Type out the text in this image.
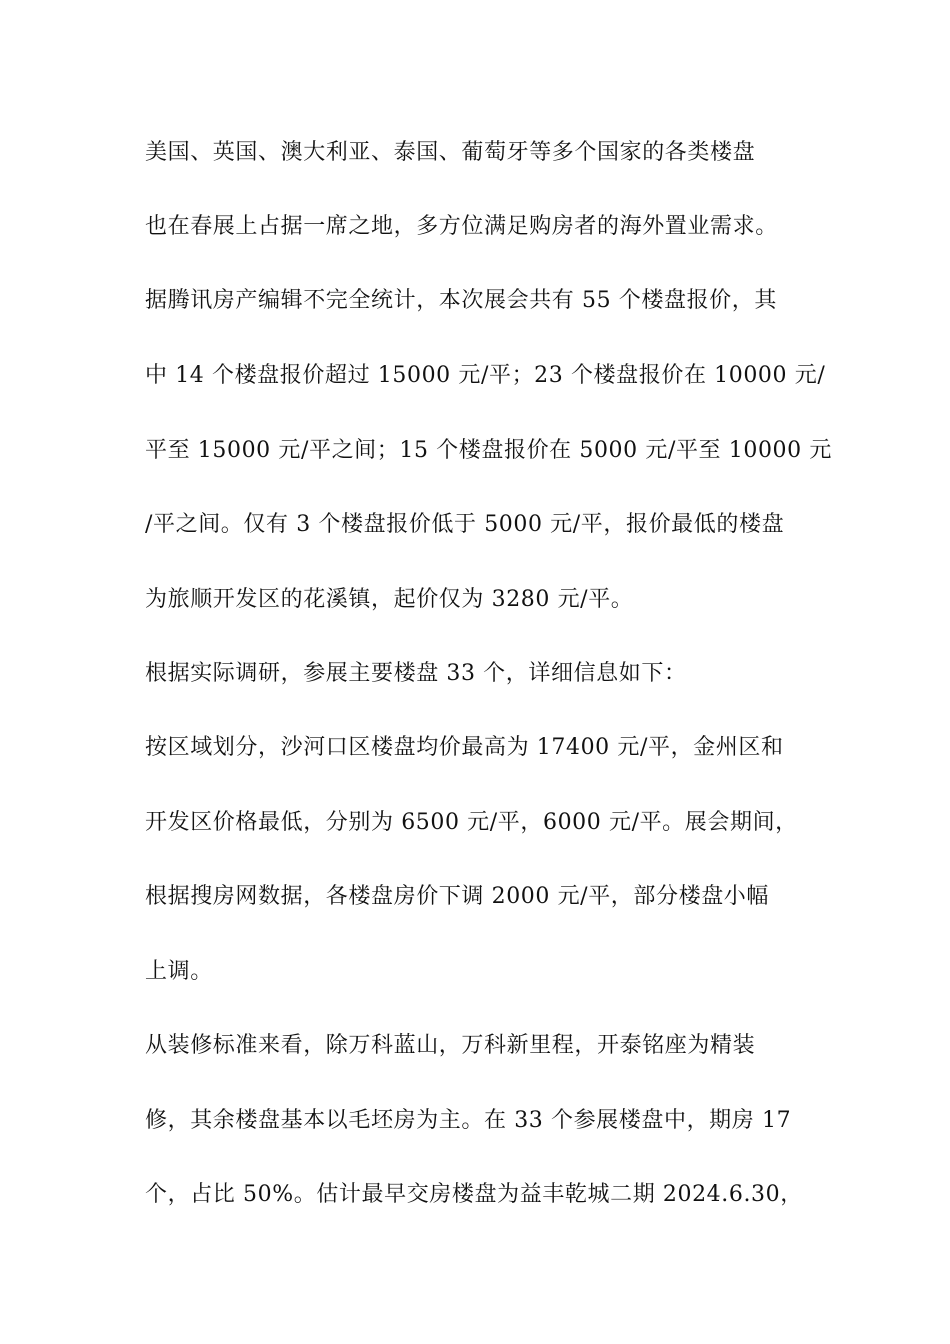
美国、英国、澳大利亚、泰国、葡萄牙等多个国家的各类楼盘
也在春展上占据一席之地，多方位满足购房者的海外置业需求。
据腾讯房产编辑不完全统计，本次展会共有 55 个楼盘报价，其
中 14 个楼盘报价超过 15000 元/平；23 个楼盘报价在 10000 元/
平至 15000 元/平之间；15 个楼盘报价在 5000 元/平至 10000 元
/平之间。仅有 3 个楼盘报价低于 5000 元/平，报价最低的楼盘
为旅顺开发区的花溪镇，起价仅为 3280 元/平。
根据实际调研，参展主要楼盘 33 个，详细信息如下：
按区域划分，沙河口区楼盘均价最高为 17400 元/平，金州区和
开发区价格最低，分别为 6500 元/平，6000 元/平。展会期间，
根据搜房网数据，各楼盘房价下调 2000 元/平，部分楼盘小幅
上调。
从装修标准来看，除万科蓝山，万科新里程，开泰铭座为精装
修，其余楼盘基本以毛坯房为主。在 33 个参展楼盘中，期房 17
个，占比 50%。估计最早交房楼盘为益丰乾城二期 2024.6.30，
